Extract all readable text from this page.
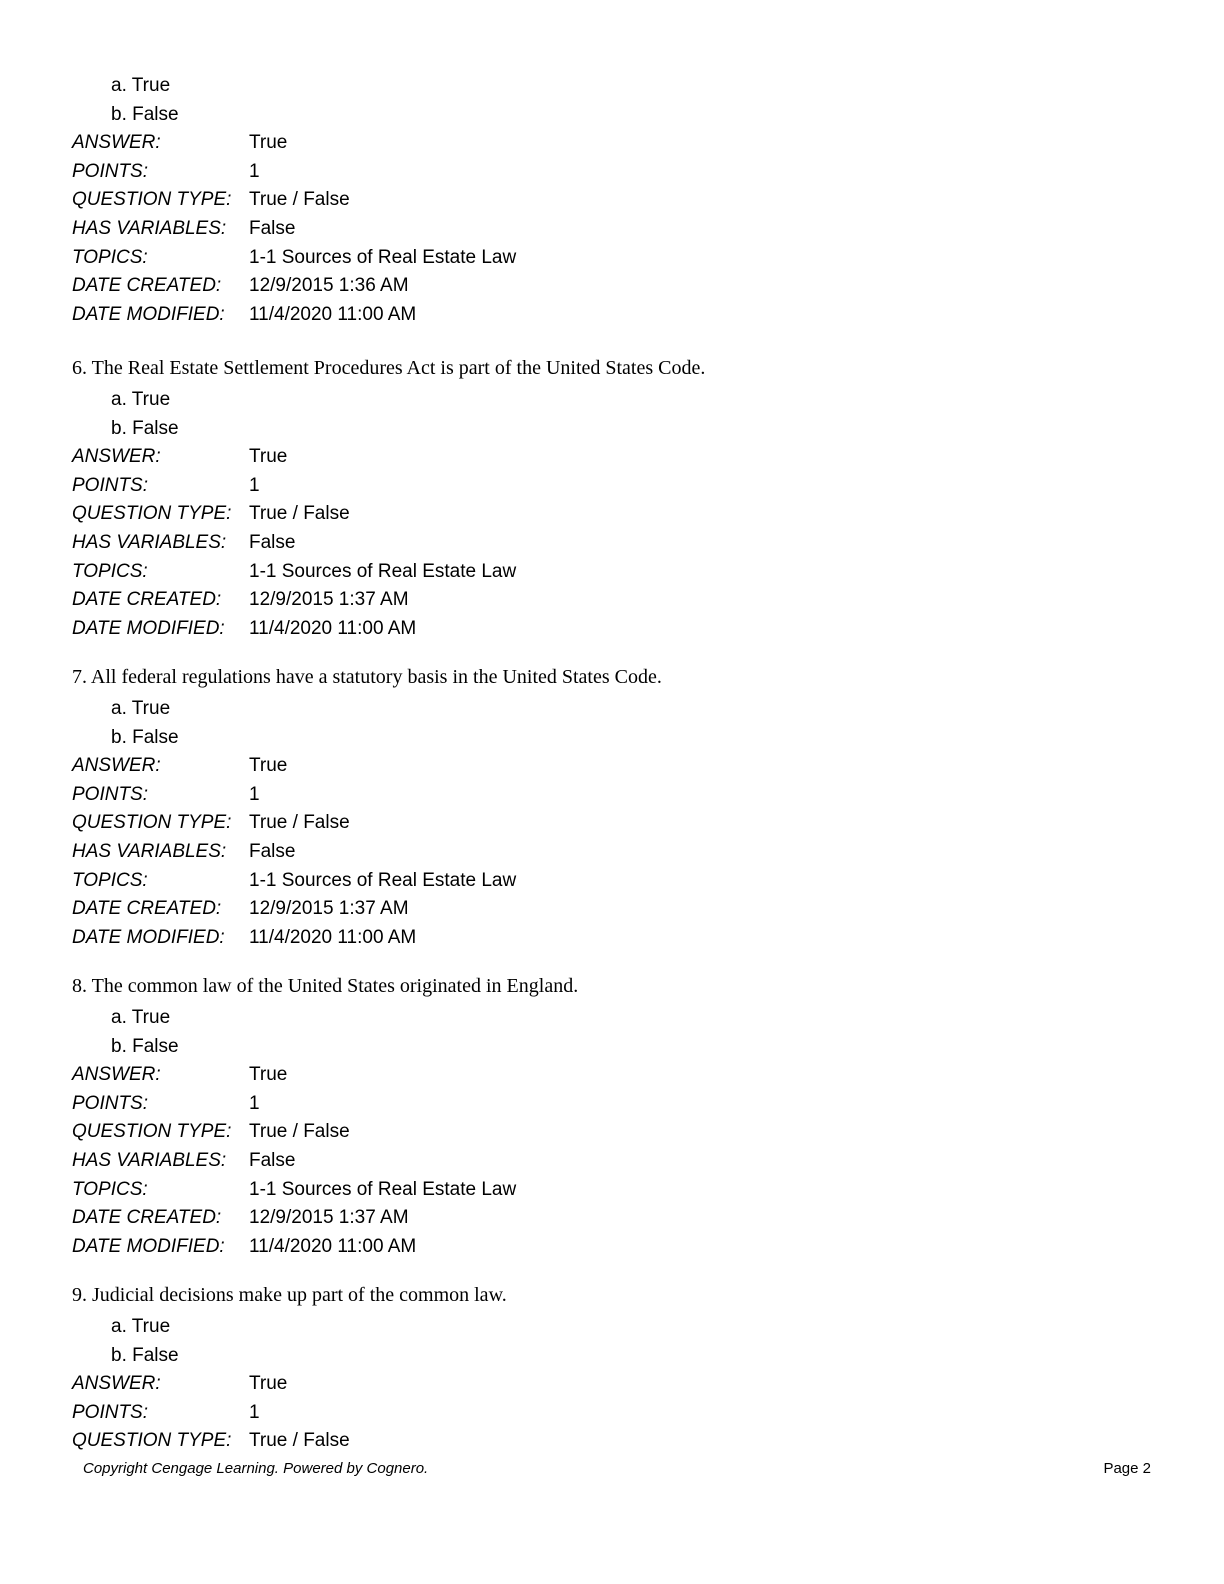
a. True
b. False
ANSWER:	True
POINTS:	1
QUESTION TYPE: True / False
HAS VARIABLES:	False
TOPICS:	1-1 Sources of Real Estate Law
DATE CREATED:	12/9/2015 1:36 AM
DATE MODIFIED:	11/4/2020 11:00 AM
6. The Real Estate Settlement Procedures Act is part of the United States Code.
a. True
b. False
ANSWER:	True
POINTS:	1
QUESTION TYPE: True / False
HAS VARIABLES:	False
TOPICS:	1-1 Sources of Real Estate Law
DATE CREATED:	12/9/2015 1:37 AM
DATE MODIFIED:	11/4/2020 11:00 AM
7. All federal regulations have a statutory basis in the United States Code.
a. True
b. False
ANSWER:	True
POINTS:	1
QUESTION TYPE: True / False
HAS VARIABLES:	False
TOPICS:	1-1 Sources of Real Estate Law
DATE CREATED:	12/9/2015 1:37 AM
DATE MODIFIED:	11/4/2020 11:00 AM
8. The common law of the United States originated in England.
a. True
b. False
ANSWER:	True
POINTS:	1
QUESTION TYPE: True / False
HAS VARIABLES:	False
TOPICS:	1-1 Sources of Real Estate Law
DATE CREATED:	12/9/2015 1:37 AM
DATE MODIFIED:	11/4/2020 11:00 AM
9. Judicial decisions make up part of the common law.
a. True
b. False
ANSWER:	True
POINTS:	1
QUESTION TYPE: True / False
Copyright Cengage Learning. Powered by Cognero.	Page 2
